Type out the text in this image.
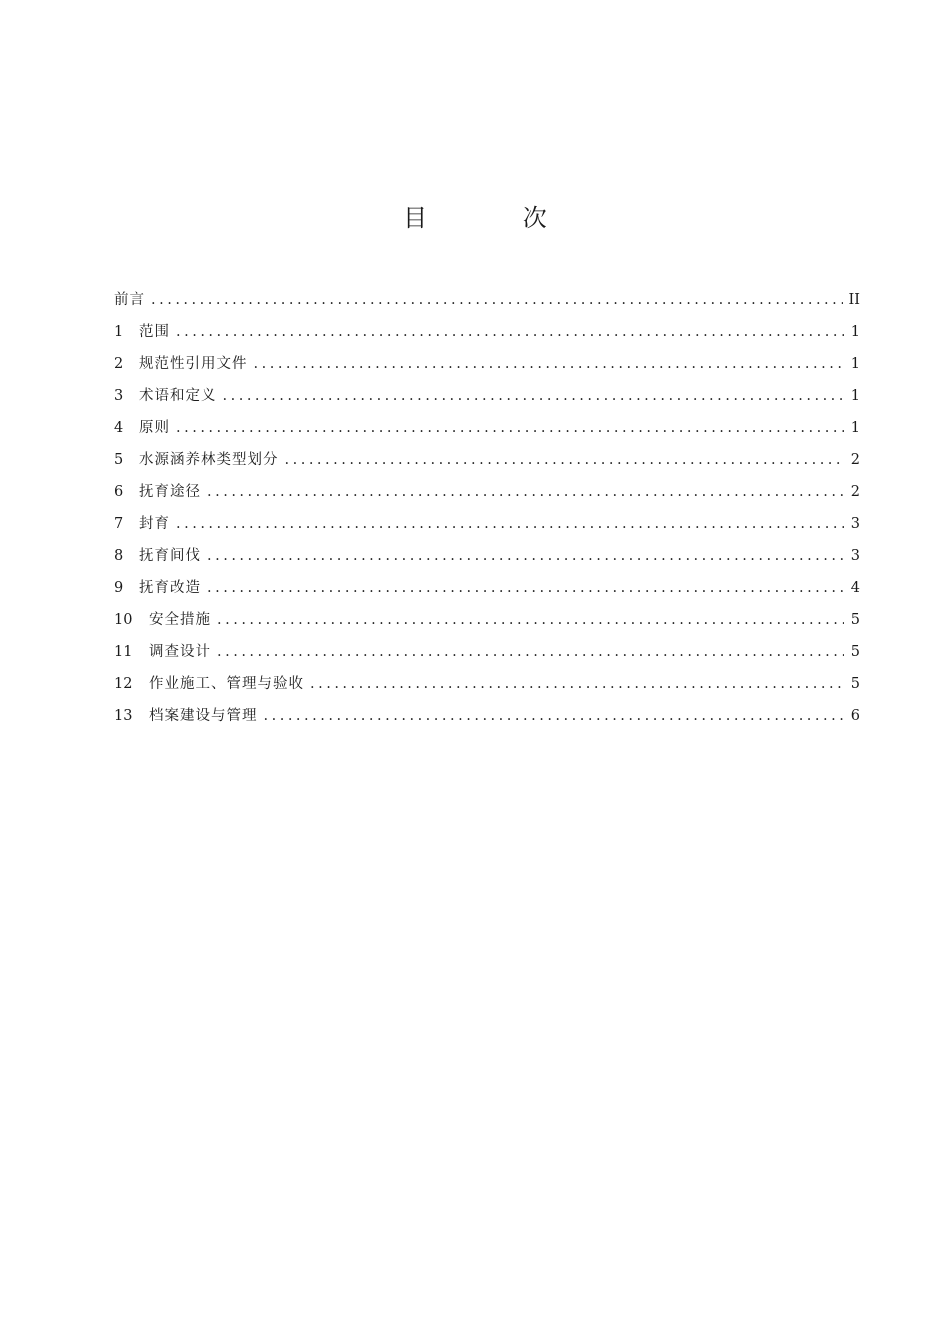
目 次
前言 .....	II
1	范围 .....	1
2	规范性引用文件 .....	1
3	术语和定义 .....	1
4	原则 .....	1
5	水源涵养林类型划分 .....	2
6	抚育途径 .....	2
7	封育 .....	3
8	抚育间伐 .....	3
9	抚育改造 .....	4
10	安全措施 .....	5
11	调查设计 .....	5
12	作业施工、管理与验收 .....	5
13	档案建设与管理 .....	6
